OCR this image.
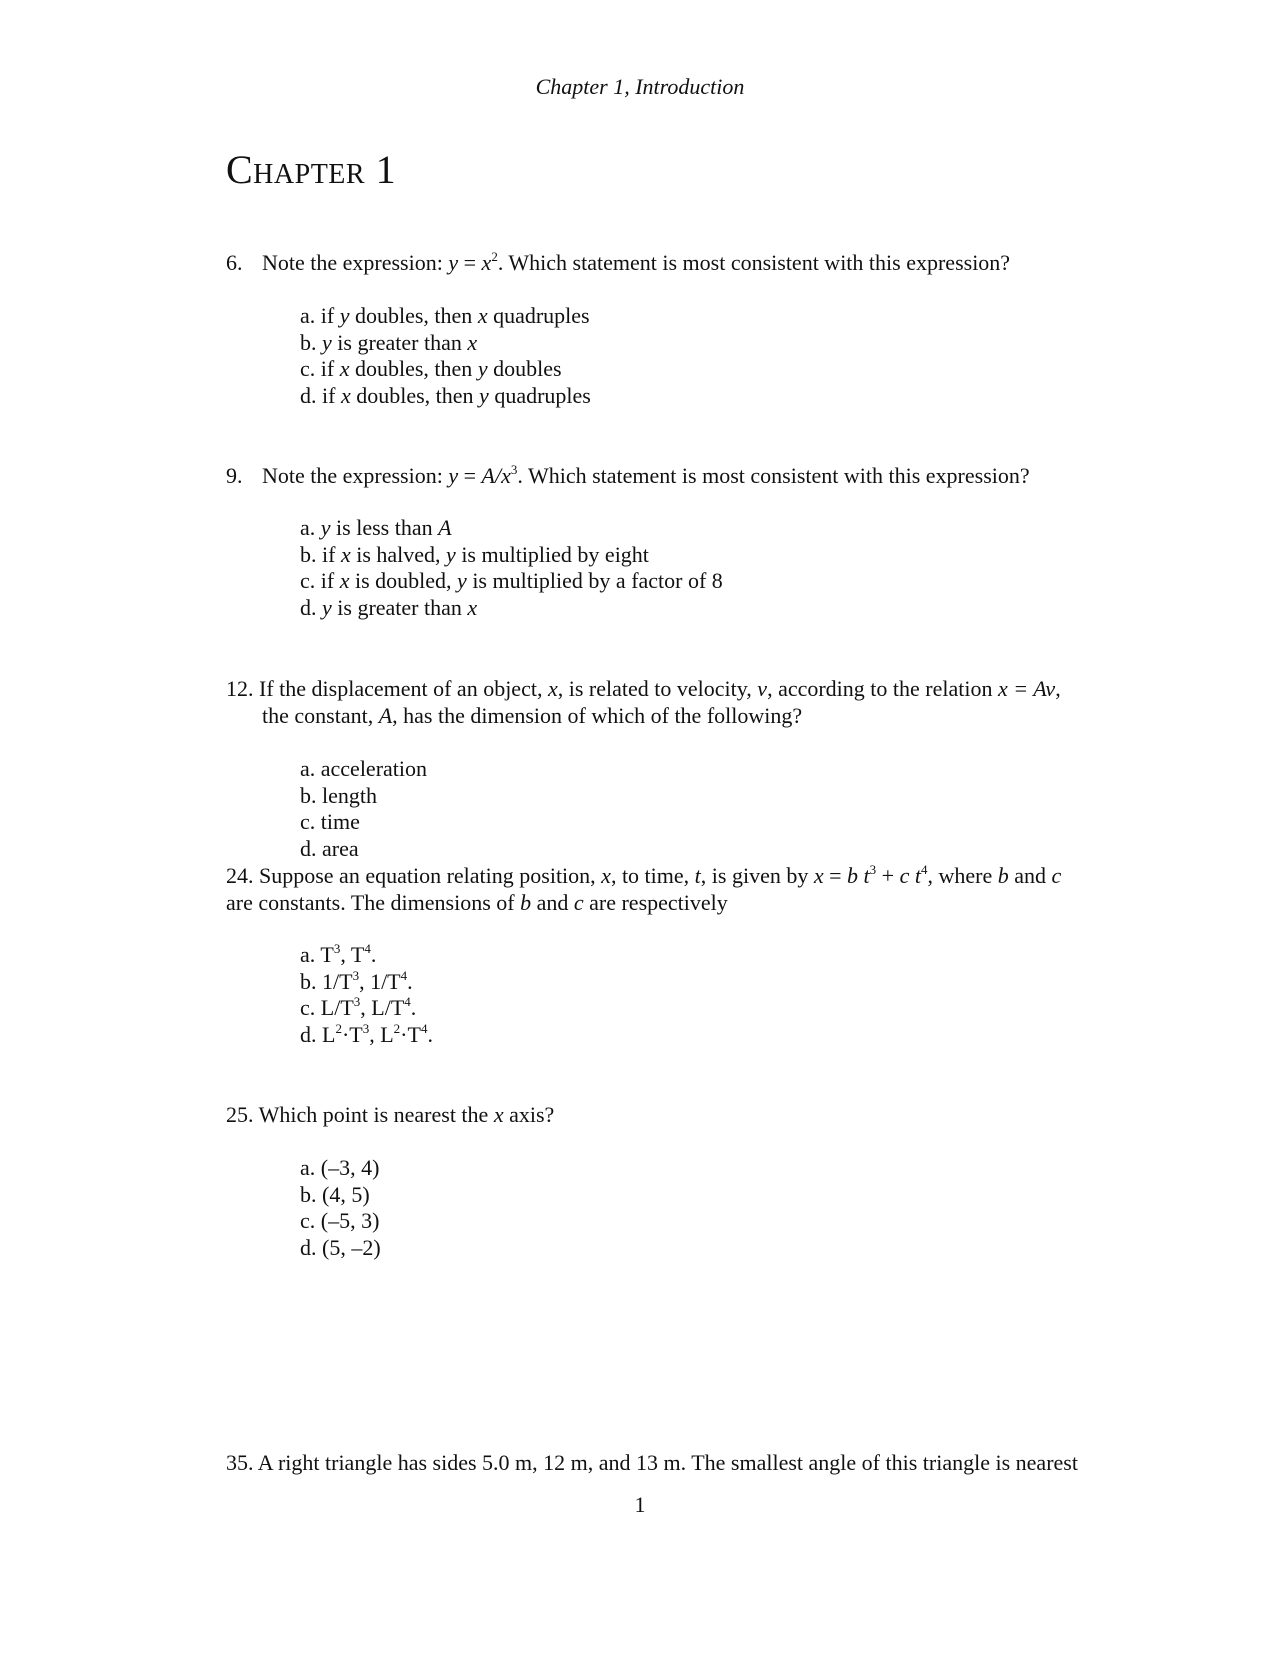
Chapter 1, Introduction
Chapter 1
6. Note the expression: $y = x^2$. Which statement is most consistent with this expression?
a. if y doubles, then x quadruples
b. y is greater than x
c. if x doubles, then y doubles
d. if x doubles, then y quadruples
9. Note the expression: $y = A/x^3$. Which statement is most consistent with this expression?
a. y is less than A
b. if x is halved, y is multiplied by eight
c. if x is doubled, y is multiplied by a factor of 8
d. y is greater than x
12. If the displacement of an object, x, is related to velocity, v, according to the relation x = Av,
the constant, A, has the dimension of which of the following?
a. acceleration
b. length
c. time
d. area
24. Suppose an equation relating position, x, to time, t, is given by x = b $t^3 + c$ $t^4$, where b and c
are constants. The dimensions of b and c are respectively
a. $T^3$, $T^4$.
b. $1/T^3$, $1/T^4$.
c. $L/T^3$, $L/T^4$.
d. $L^2\cdot T^3$, $L^2\cdot T^4$.
25. Which point is nearest the x axis?
a. (–3, 4)
b. (4, 5)
c. (–5, 3)
d. (5, –2)
35. A right triangle has sides 5.0 m, 12 m, and 13 m. The smallest angle of this triangle is nearest
1
